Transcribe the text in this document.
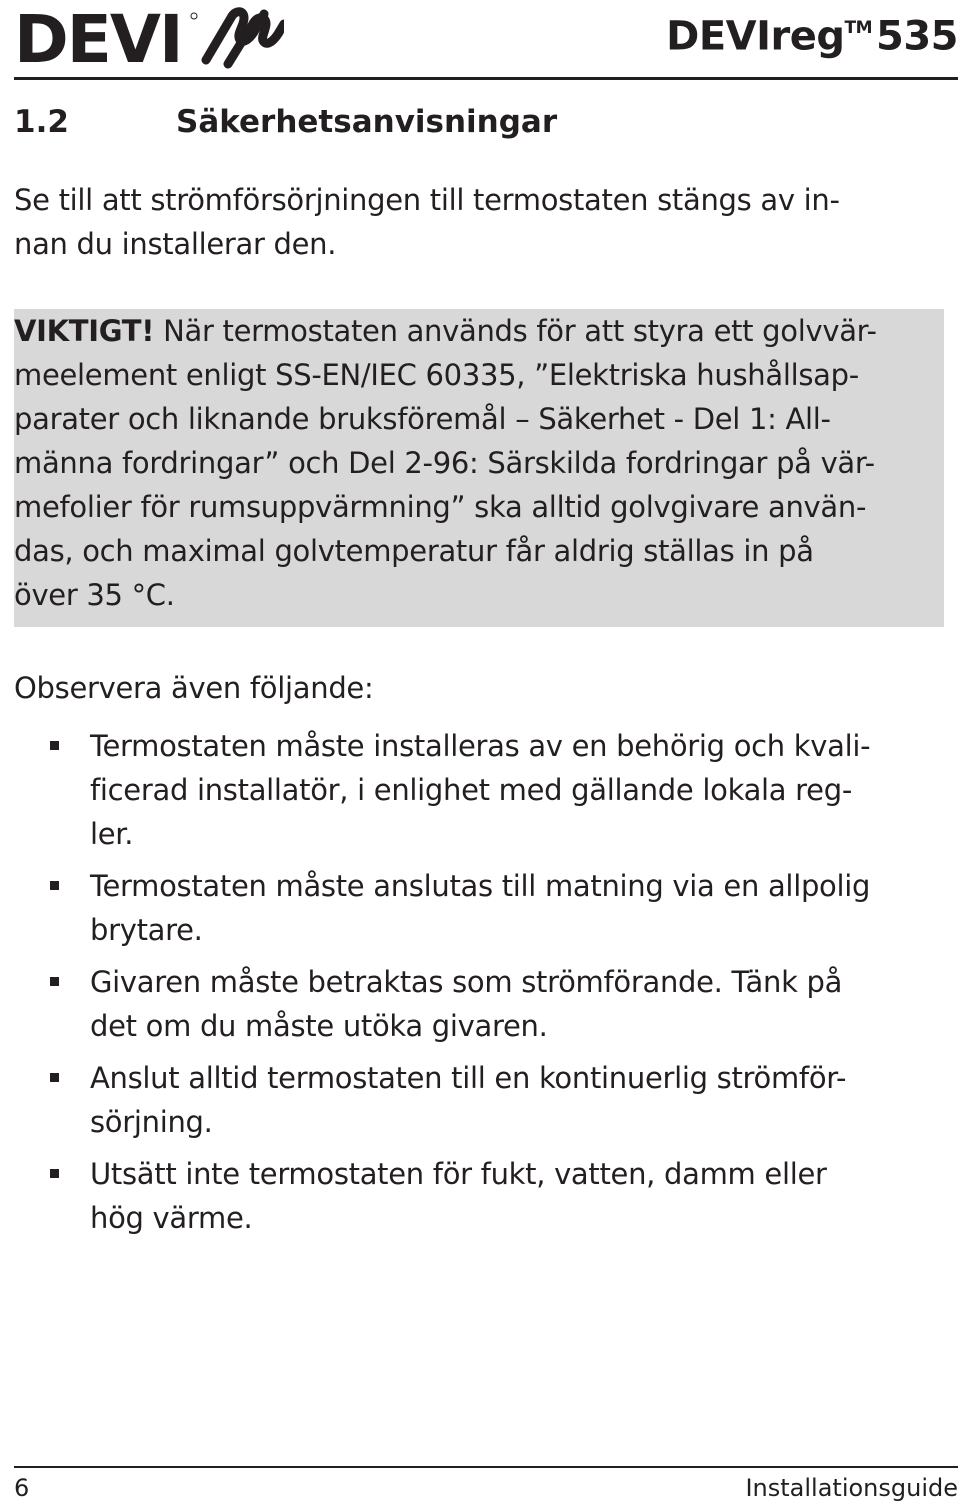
DEVI	DEVIreg™ 535
1.2	Säkerhetsanvisningar
Se till att strömförsörjningen till termostaten stängs av in-
nan du installerar den.
VIKTIGT! När termostaten används för att styra ett golvvär-
meelement enligt SS-EN/IEC 60335, ”Elektriska hushållsap-
parater och liknande bruksföremål – Säkerhet - Del 1: All-
männa fordringar” och Del 2-96: Särskilda fordringar på vär-
mefolier för rumsuppvärmning” ska alltid golvgivare använ-
das, och maximal golvtemperatur får aldrig ställas in på
över 35 °C.
Observera även följande:
Termostaten måste installeras av en behörig och kvali-
ficerad installatör, i enlighet med gällande lokala reg-
ler.
Termostaten måste anslutas till matning via en allpolig
brytare.
Givaren måste betraktas som strömförande. Tänk på
det om du måste utöka givaren.
Anslut alltid termostaten till en kontinuerlig strömför-
sörjning.
Utsätt inte termostaten för fukt, vatten, damm eller
hög värme.
6	Installationsguide
